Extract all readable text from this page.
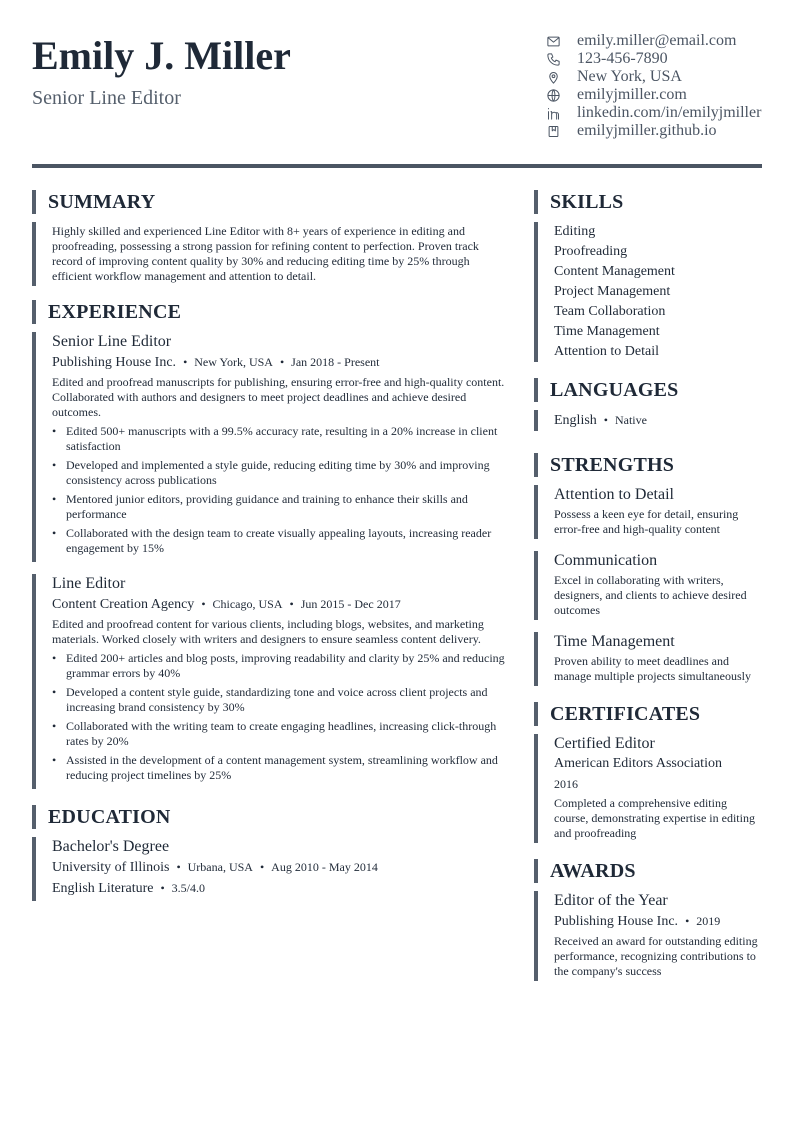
Emily J. Miller
Senior Line Editor
emily.miller@email.com
123-456-7890
New York, USA
emilyjmiller.com
linkedin.com/in/emilyjmiller
emilyjmiller.github.io
SUMMARY

Highly skilled and experienced Line Editor with 8+ years of experience in editing and proofreading, possessing a strong passion for refining content to perfection. Proven track record of improving content quality by 30% and reducing editing time by 25% through efficient workflow management and attention to detail.

EXPERIENCE
Senior Line Editor
Publishing House Inc. • New York, USA • Jan 2018 - Present
Edited and proofread manuscripts for publishing, ensuring error-free and high-quality content. Collaborated with authors and designers to meet project deadlines and achieve desired outcomes.
• Edited 500+ manuscripts with a 99.5% accuracy rate, resulting in a 20% increase in client satisfaction
• Developed and implemented a style guide, reducing editing time by 30% and improving consistency across publications
• Mentored junior editors, providing guidance and training to enhance their skills and performance
• Collaborated with the design team to create visually appealing layouts, increasing reader engagement by 15%
Line Editor
Content Creation Agency • Chicago, USA • Jun 2015 - Dec 2017
Edited and proofread content for various clients, including blogs, websites, and marketing materials. Worked closely with writers and designers to ensure seamless content delivery.
• Edited 200+ articles and blog posts, improving readability and clarity by 25% and reducing grammar errors by 40%
• Developed a content style guide, standardizing tone and voice across client projects and increasing brand consistency by 30%
• Collaborated with the writing team to create engaging headlines, increasing click-through rates by 20%
• Assisted in the development of a content management system, streamlining workflow and reducing project timelines by 25%
EDUCATION
Bachelor's Degree
University of Illinois • Urbana, USA • Aug 2010 - May 2014
English Literature • 3.5/4.0
SKILLS
Editing
Proofreading
Content Management
Project Management
Team Collaboration
Time Management
Attention to Detail
LANGUAGES
English • Native
STRENGTHS
Attention to Detail
Possess a keen eye for detail, ensuring error-free and high-quality content
Communication
Excel in collaborating with writers, designers, and clients to achieve desired outcomes
Time Management
Proven ability to meet deadlines and manage multiple projects simultaneously
CERTIFICATES
Certified Editor
American Editors Association
2016
Completed a comprehensive editing course, demonstrating expertise in editing and proofreading
AWARDS
Editor of the Year
Publishing House Inc. • 2019
Received an award for outstanding editing performance, recognizing contributions to the company's success
